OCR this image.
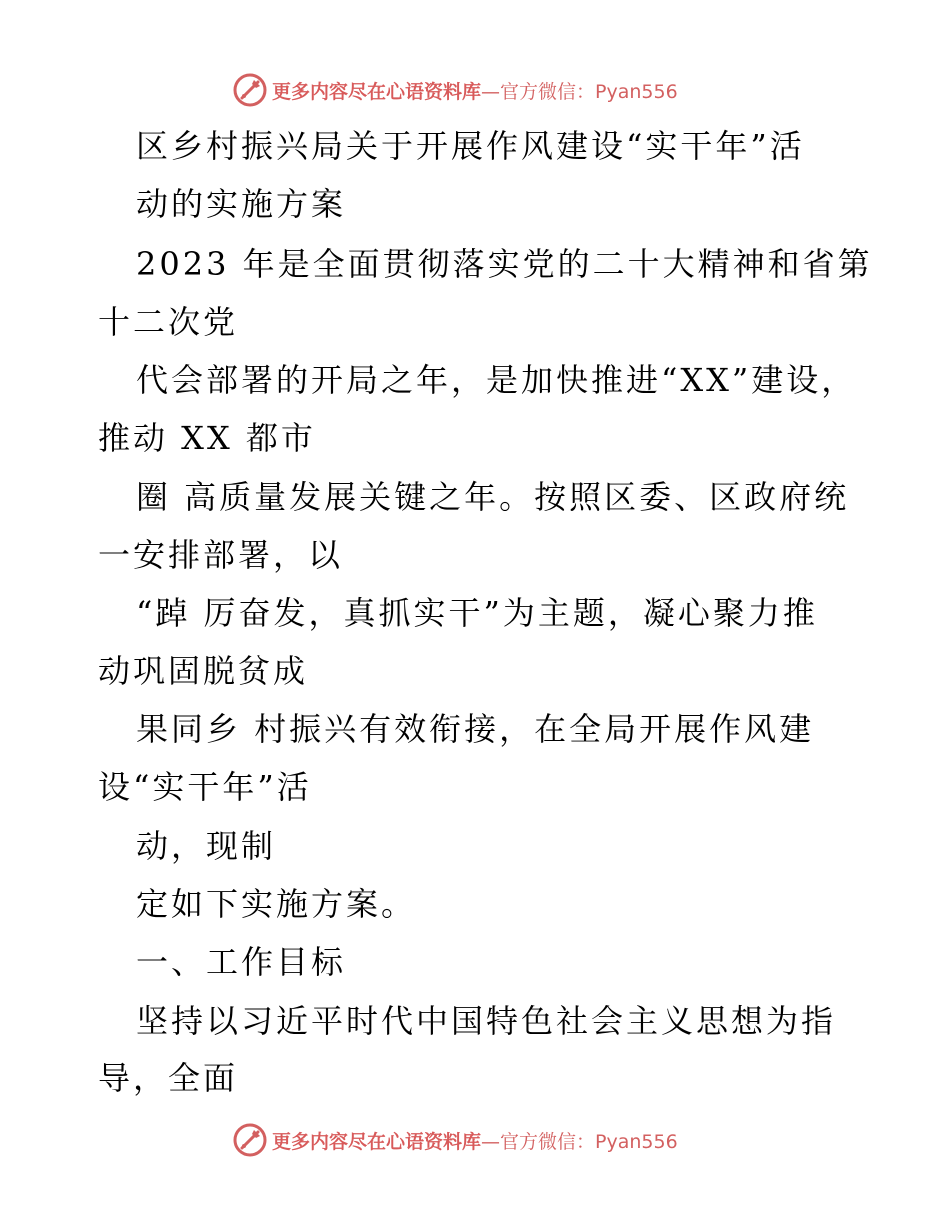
更多内容尽在心语资料库—官方微信：Pyan556
区乡村振兴局关于开展作风建设“实干年”活
动的实施方案
2023 年是全面贯彻落实党的二十大精神和省第
十二次党
代会部署的开局之年，是加快推进“XX”建设，
推动 XX 都市
圈 高质量发展关键之年。按照区委、区政府统
一安排部署，以
“踔 厉奋发，真抓实干”为主题，凝心聚力推
动巩固脱贫成
果同乡 村振兴有效衔接，在全局开展作风建
设“实干年”活
动，现制
定如下实施方案。
一、工作目标
坚持以习近平时代中国特色社会主义思想为指
导，全面
更多内容尽在心语资料库—官方微信：Pyan556
